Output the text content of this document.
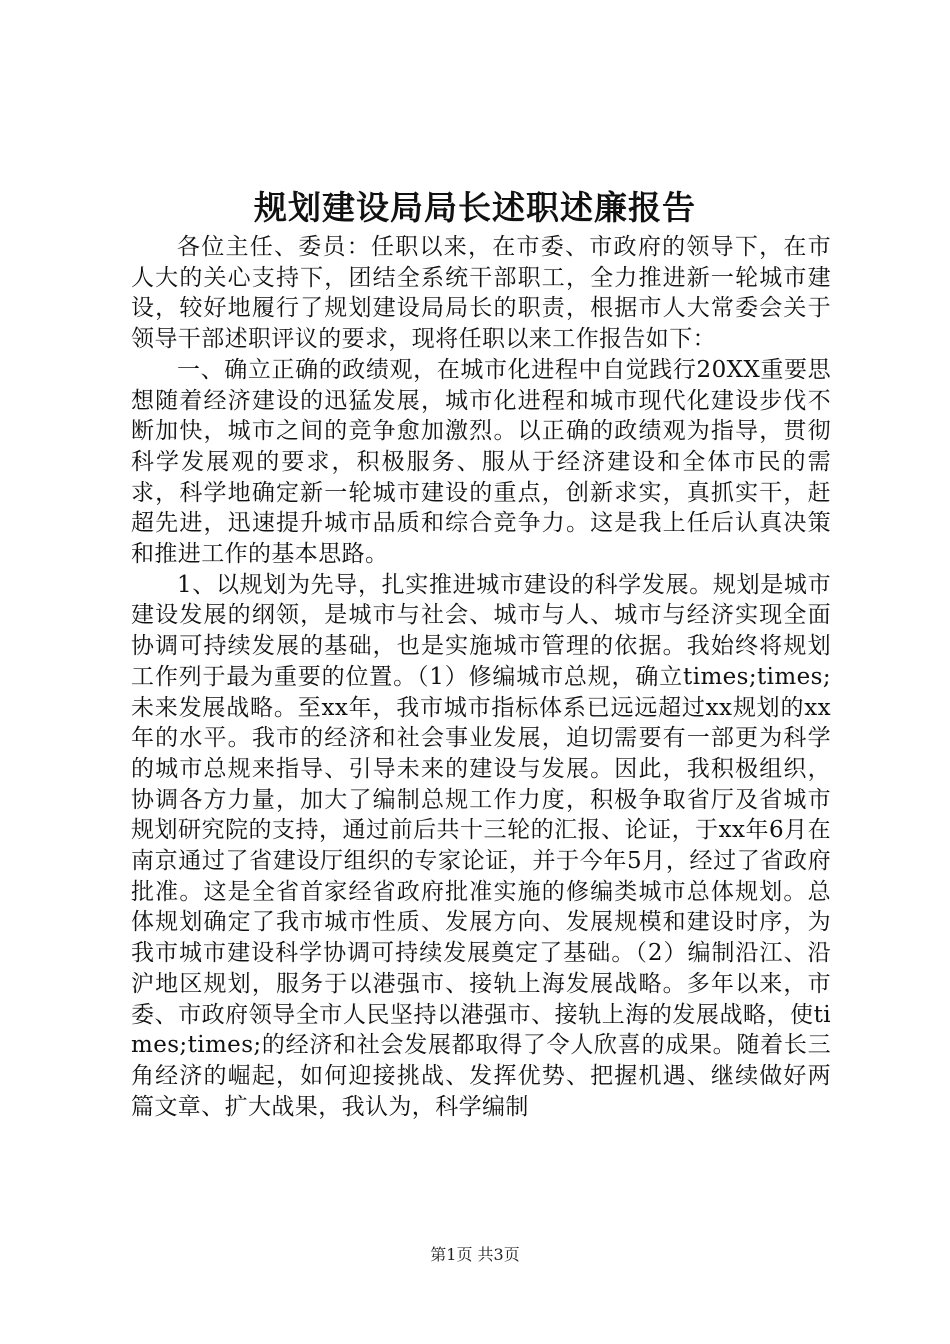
规划建设局局长述职述廉报告

各位主任、委员：任职以来，在市委、市政府的领导下，在市人大的关心支持下，团结全系统干部职工，全力推进新一轮城市建设，较好地履行了规划建设局局长的职责，根据市人大常委会关于领导干部述职评议的要求，现将任职以来工作报告如下：

一、确立正确的政绩观，在城市化进程中自觉践行20XX重要思想随着经济建设的迅猛发展，城市化进程和城市现代化建设步伐不断加快，城市之间的竞争愈加激烈。以正确的政绩观为指导，贯彻科学发展观的要求，积极服务、服从于经济建设和全体市民的需求，科学地确定新一轮城市建设的重点，创新求实，真抓实干，赶超先进，迅速提升城市品质和综合竞争力。这是我上任后认真决策和推进工作的基本思路。

1、以规划为先导，扎实推进城市建设的科学发展。规划是城市建设发展的纲领，是城市与社会、城市与人、城市与经济实现全面协调可持续发展的基础，也是实施城市管理的依据。我始终将规划工作列于最为重要的位置。（1）修编城市总规，确立times;times;未来发展战略。至xx年，我市城市指标体系已远远超过xx规划的xx年的水平。我市的经济和社会事业发展，迫切需要有一部更为科学的城市总规来指导、引导未来的建设与发展。因此，我积极组织，协调各方力量，加大了编制总规工作力度，积极争取省厅及省城市规划研究院的支持，通过前后共十三轮的汇报、论证，于xx年6月在南京通过了省建设厅组织的专家论证，并于今年5月，经过了省政府批准。这是全省首家经省政府批准实施的修编类城市总体规划。总体规划确定了我市城市性质、发展方向、发展规模和建设时序，为我市城市建设科学协调可持续发展奠定了基础。（2）编制沿江、沿沪地区规划，服务于以港强市、接轨上海发展战略。多年以来，市委、市政府领导全市人民坚持以港强市、接轨上海的发展战略，使times;times;的经济和社会发展都取得了令人欣喜的成果。随着长三角经济的崛起，如何迎接挑战、发挥优势、把握机遇、继续做好两篇文章、扩大战果，我认为，科学编制

第1页 共3页
